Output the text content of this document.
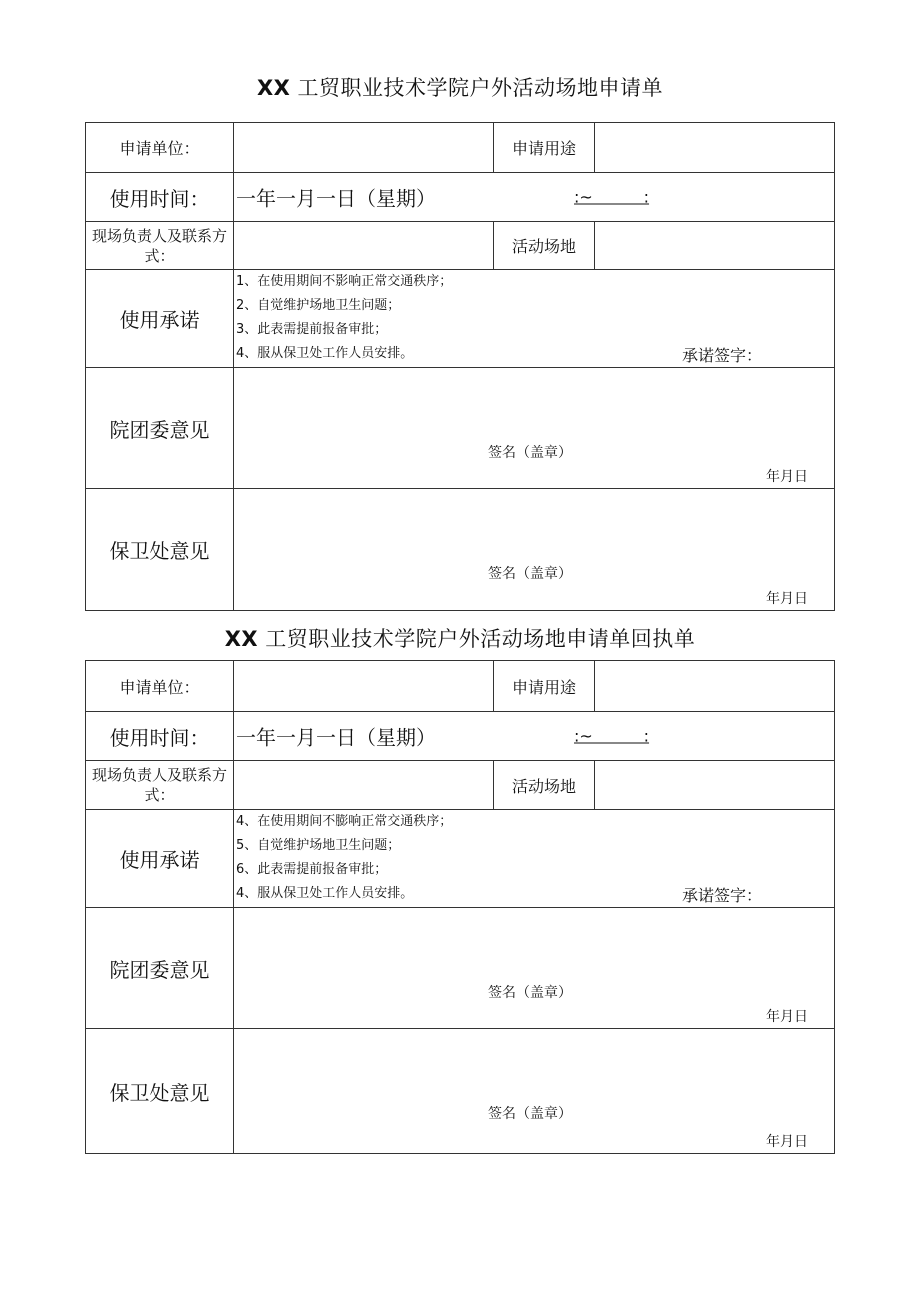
XX 工贸职业技术学院户外活动场地申请单
申请单位：		申请用途	
使用时间：	一年一月一日（星期） :~          :		

现场负责人及联系方式：		活动场地	
使用承诺	1、在使用期间不影响正常交通秩序；
2、自觉维护场地卫生问题；
3、此表需提前报备审批；
4、服从保卫处工作人员安排。 承诺签字：		

院团委意见	签名（盖章）
年月日		

保卫处意见	签名（盖章）
年月日		
XX 工贸职业技术学院户外活动场地申请单回执单
申请单位：		申请用途	
使用时间：	一年一月一日（星期） :~          :		

现场负责人及联系方式：		活动场地	
使用承诺	4、在使用期间不膨响正常交通秩序；
5、自觉维护场地卫生问题；
6、此表需提前报备审批；
4、服从保卫处工作人员安排。 承诺签字：		

院团委意见	签名（盖章）
年月日		

保卫处意见	签名（盖章）
年月日		
